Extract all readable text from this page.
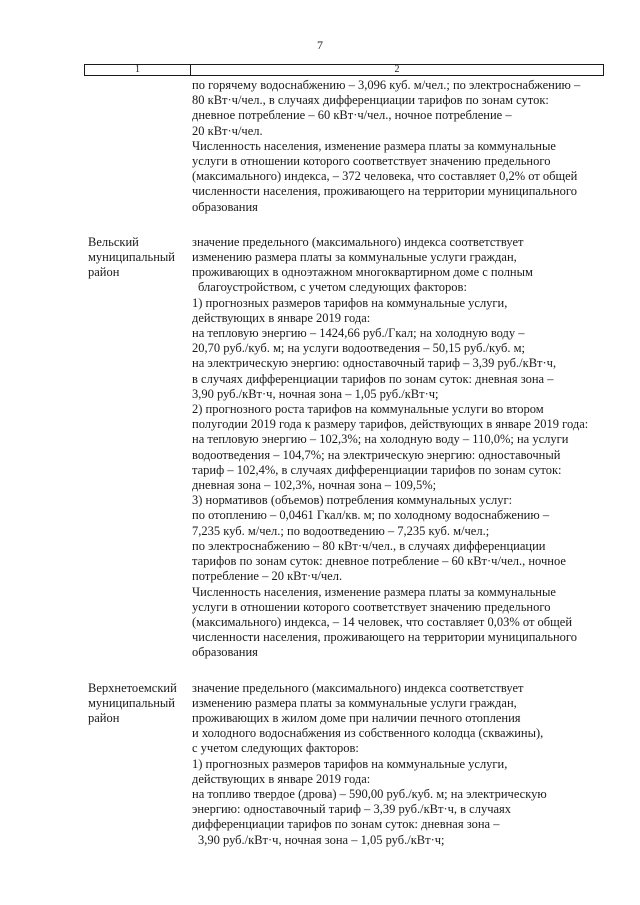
7
1	2
по горячему водоснабжению – 3,096 куб. м/чел.; по электроснабжению –
80 кВт·ч/чел., в случаях дифференциации тарифов по зонам суток:
дневное потребление – 60 кВт·ч/чел., ночное потребление –
20 кВт·ч/чел.
Численность населения, изменение размера платы за коммунальные
услуги в отношении которого соответствует значению предельного
(максимального) индекса, – 372 человека, что составляет 0,2% от общей
численности населения, проживающего на территории муниципального
образования
Вельский
муниципальный
район
значение предельного (максимального) индекса соответствует
изменению размера платы за коммунальные услуги граждан,
проживающих в одноэтажном многоквартирном доме с полным
благоустройством, с учетом следующих факторов:
1) прогнозных размеров тарифов на коммунальные услуги,
действующих в январе 2019 года:
на тепловую энергию – 1424,66 руб./Гкал; на холодную воду –
20,70 руб./куб. м; на услуги водоотведения – 50,15 руб./куб. м;
на электрическую энергию: одноставочный тариф – 3,39 руб./кВт·ч,
в случаях дифференциации тарифов по зонам суток: дневная зона –
3,90 руб./кВт·ч, ночная зона – 1,05 руб./кВт·ч;
2) прогнозного роста тарифов на коммунальные услуги во втором
полугодии 2019 года к размеру тарифов, действующих в январе 2019 года:
на тепловую энергию – 102,3%; на холодную воду – 110,0%; на услуги
водоотведения – 104,7%; на электрическую энергию: одноставочный
тариф – 102,4%, в случаях дифференциации тарифов по зонам суток:
дневная зона – 102,3%, ночная зона – 109,5%;
3) нормативов (объемов) потребления коммунальных услуг:
по отоплению – 0,0461 Гкал/кв. м; по холодному водоснабжению –
7,235 куб. м/чел.; по водоотведению – 7,235 куб. м/чел.;
по электроснабжению – 80 кВт·ч/чел., в случаях дифференциации
тарифов по зонам суток: дневное потребление – 60 кВт·ч/чел., ночное
потребление – 20 кВт·ч/чел.
Численность населения, изменение размера платы за коммунальные
услуги в отношении которого соответствует значению предельного
(максимального) индекса, – 14 человек, что составляет 0,03% от общей
численности населения, проживающего на территории муниципального
образования
Верхнетоемский
муниципальный
район
значение предельного (максимального) индекса соответствует
изменению размера платы за коммунальные услуги граждан,
проживающих в жилом доме при наличии печного отопления
и холодного водоснабжения из собственного колодца (скважины),
с учетом следующих факторов:
1) прогнозных размеров тарифов на коммунальные услуги,
действующих в январе 2019 года:
на топливо твердое (дрова) – 590,00 руб./куб. м; на электрическую
энергию: одноставочный тариф – 3,39 руб./кВт·ч, в случаях
дифференциации тарифов по зонам суток: дневная зона –
3,90 руб./кВт·ч, ночная зона – 1,05 руб./кВт·ч;
